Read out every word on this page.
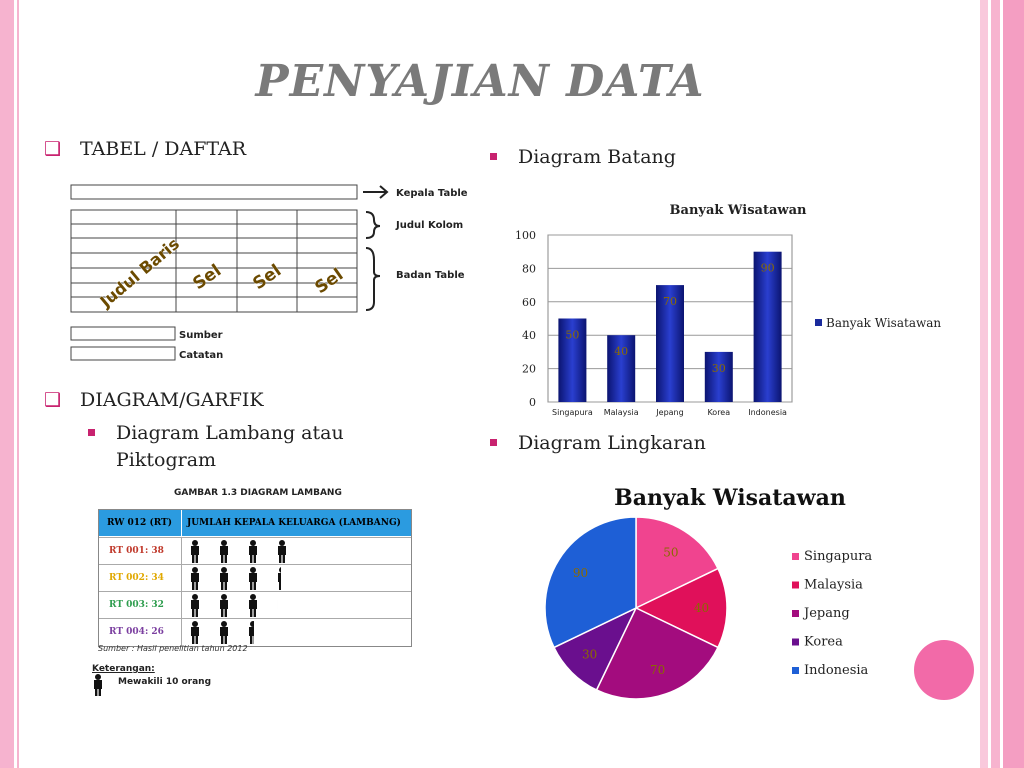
PENYAJIAN DATA
❑ TABEL / DAFTAR
❑ DIAGRAM/GARFIK
Diagram Lambang atau
Piktogram
Diagram Batang
Diagram Lingkaran
Kepala Table
Judul Kolom
Badan Table
Sumber
Catatan
Judul Baris Sel Sel Sel
GAMBAR 1.3 DIAGRAM LAMBANG
RW 012 (RT) JUMLAH KEPALA KELUARGA (LAMBANG)
RT 001: 38
RT 002: 34
RT 003: 32
RT 004: 26
Sumber : Hasil penelitian tahun 2012
Keterangan:
Mewakili 10 orang
Banyak Wisatawan
0
20
40
60
80
100
50
Singapura
40
Malaysia
70
Jepang
30
Korea
90
Indonesia
Banyak Wisatawan
Banyak Wisatawan
50
40
70
30
90
Singapura
Malaysia
Jepang
Korea
Indonesia
